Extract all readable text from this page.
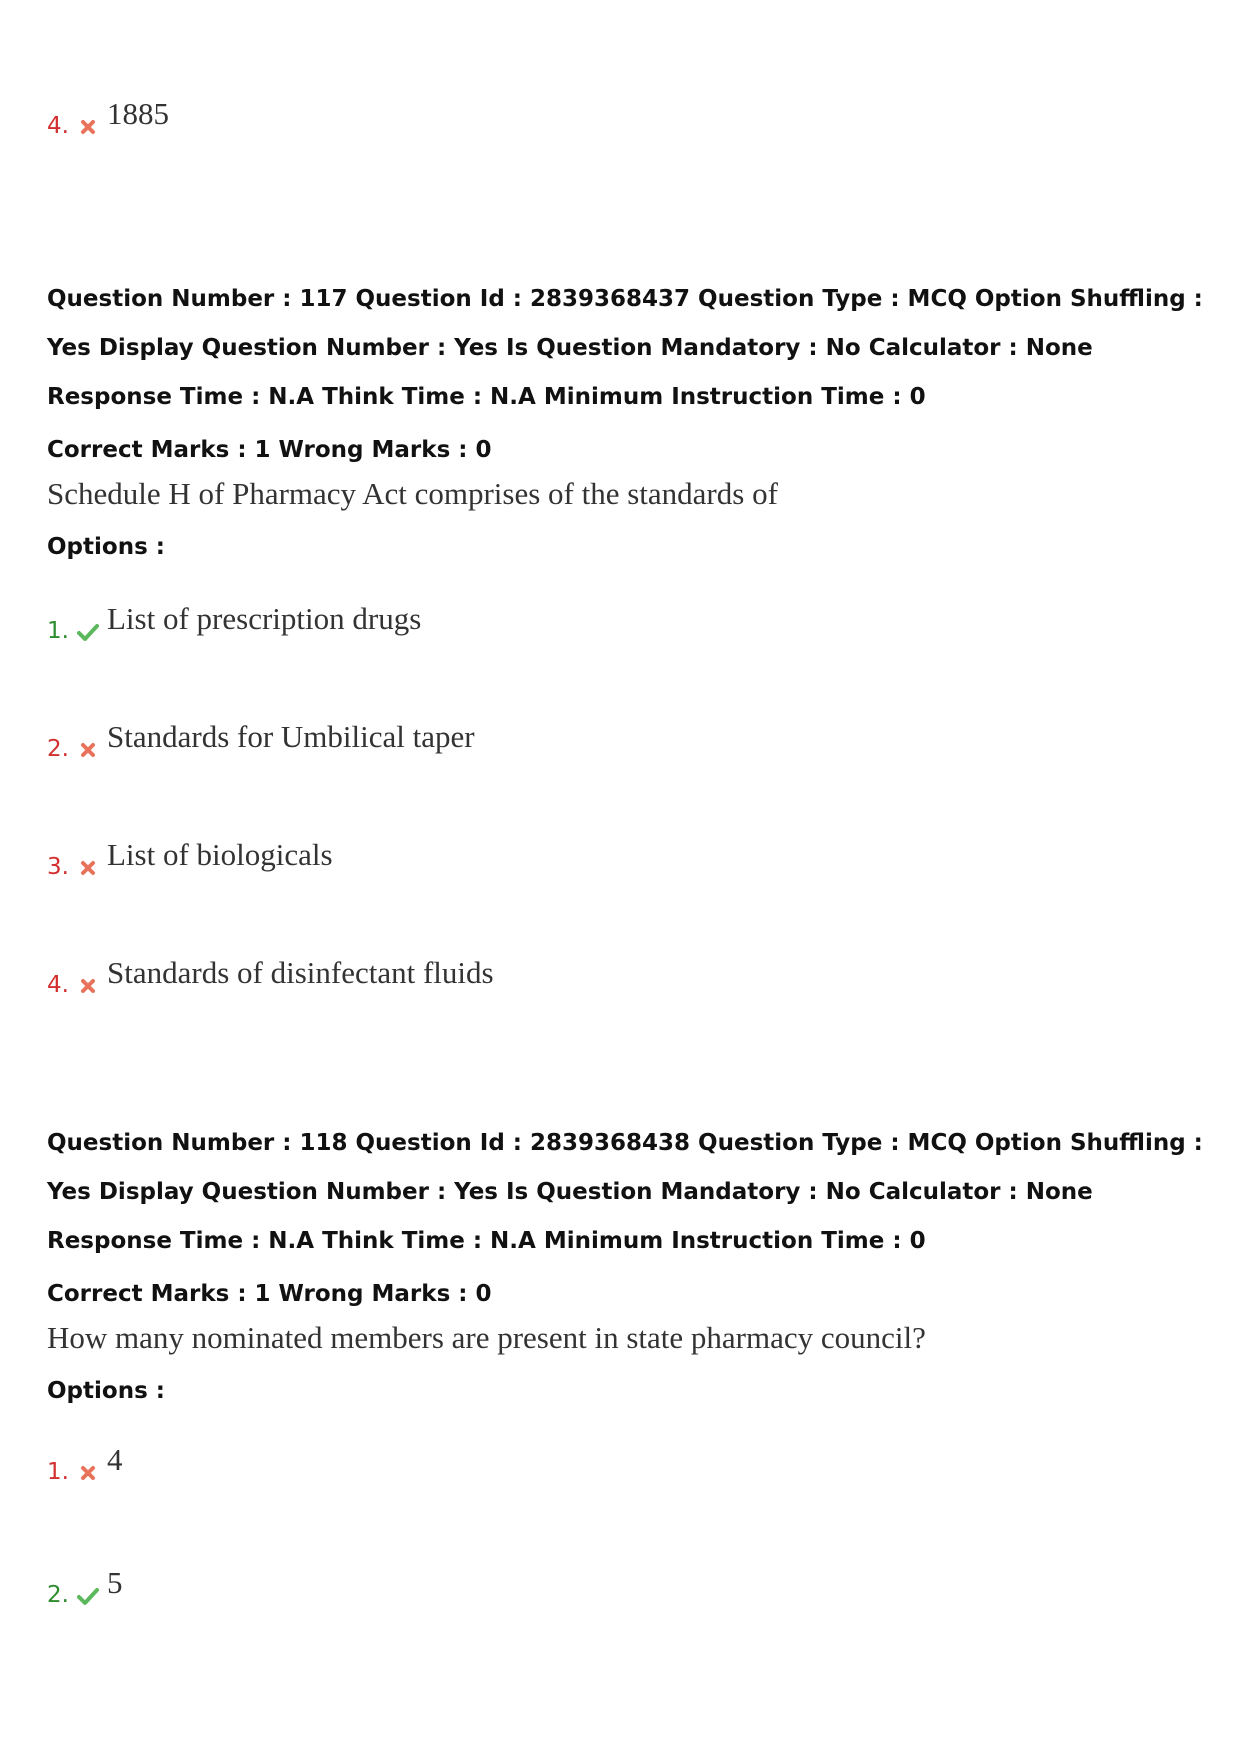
4. 1885

Question Number : 117 Question Id : 2839368437 Question Type : MCQ Option Shuffling : Yes Display Question Number : Yes Is Question Mandatory : No Calculator : None Response Time : N.A Think Time : N.A Minimum Instruction Time : 0

Correct Marks : 1 Wrong Marks : 0
Schedule H of Pharmacy Act comprises of the standards of
Options :
1. List of prescription drugs
2. Standards for Umbilical taper
3. List of biologicals
4. Standards of disinfectant fluids

Question Number : 118 Question Id : 2839368438 Question Type : MCQ Option Shuffling : Yes Display Question Number : Yes Is Question Mandatory : No Calculator : None Response Time : N.A Think Time : N.A Minimum Instruction Time : 0

Correct Marks : 1 Wrong Marks : 0
How many nominated members are present in state pharmacy council?
Options :
1. 4
2. 5
